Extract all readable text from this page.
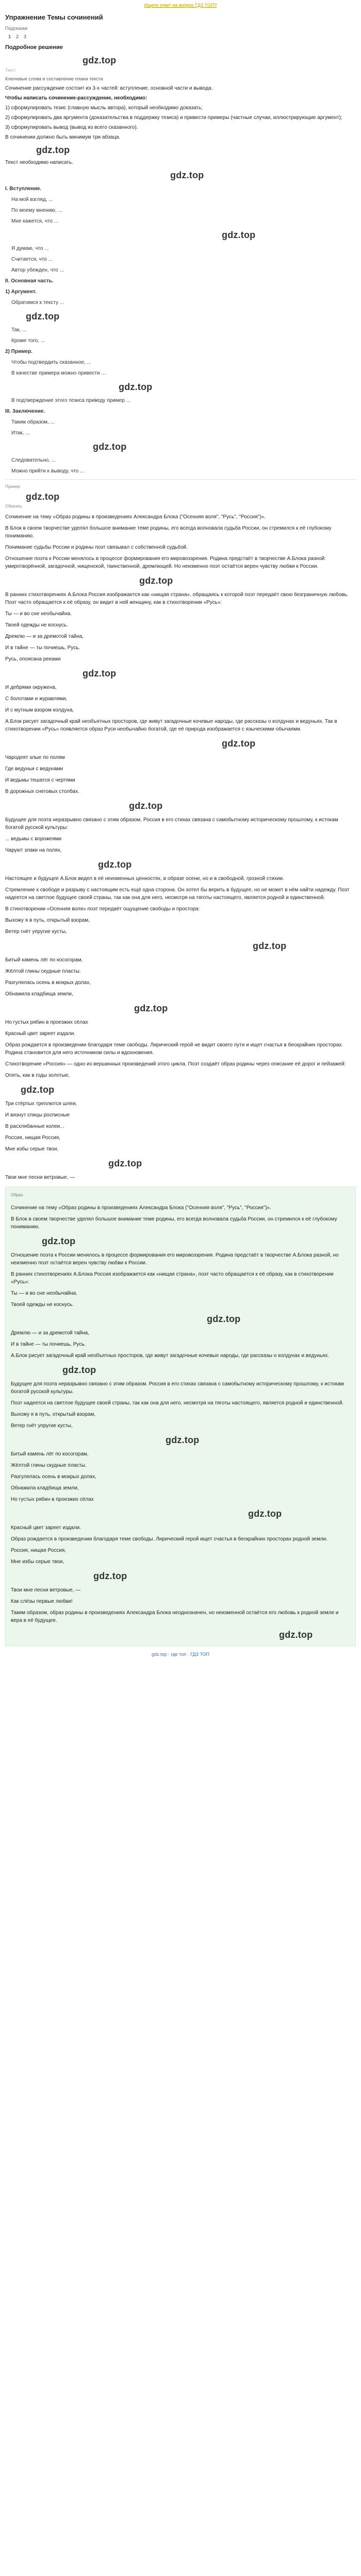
Ищете ответ на вопрос ГДЗ ТОП?
Упражнение Темы сочинений
Подсказки
1 2 3
Подробное решение
gdz.top
Текст

Ключевые слова и составление плана текста

Сочинение рассуждение состоит из 3-х частей: вступление, основной части и вывода.

Чтобы написать сочинение-рассуждение, необходимо:

1) сформулировать тезис (главную мысль автора), который необходимо доказать;

2) сформулировать два аргумента (доказательства в поддержку тезиса) и привести примеры (частные случаи, иллюстрирующие аргумент);

3) сформулировать вывод (вывод из всего сказанного).

В сочинении должно быть минимум три абзаца.

gdz.top

Текст необходимо написать.

gdz.top
I. Вступление.
На мой взгляд, ...
По моему мнению, ...
Мне кажется, что ...
gdz.top
Я думаю, что ...
Считается, что ...
Автор убежден, что ...
II. Основная часть.
1) Аргумент.
Обратимся к тексту ...
gdz.top
Так, ...
Кроме того, ...
2) Пример.
Чтобы подтвердить сказанное, ...
В качестве примера можно привести ...
gdz.top
В подтверждение этого тезиса приведу пример ...
III. Заключение.
Таким образом, ...
Итак, ...
gdz.top
Следовательно, ...
Можно прийти к выводу, что ...
Пример
gdz.top
Образец

Сочинение на тему «Образ родины в произведениях Александра Блока ("Осенняя воля", "Русь", "Россия")».

В Блок в своем творчестве уделял большое внимание теме родины, его всегда волновала судьба России, он стремился к её глубокому пониманию.

Понимание судьбы России и родины поэт связывал с собственной судьбой.

Отношение поэта к России менялось в процессе формирования его мировоззрения. Родина предстаёт в творчестве А.Блока разной: умиротворённой, загадочной, нищенской, таинственной, дремлющей. Но неизменно поэт остаётся верен чувству любви к России.

gdz.top

В ранних стихотворениях А.Блока Россия изображается как «нищая страна», обращаясь к которой поэт передаёт свою безграничную любовь. Поэт часто обращается к её образу, он видит в ней женщину, как в стихотворении «Русь»:

Ты — и во сне необычайна.

Твоей одежды не коснусь.

Дремлю — и за дремотой тайна,

И в тайне — ты почиешь, Русь.

Русь, опоясана реками

gdz.top

И дебрями окружена,

С болотами и журавлями,

И с мутным взором колдуна,

А.Блок рисует загадочный край необъятных просторов, где живут загадочные кочевые народы, где рассказы о колдунах и ведуньях. Так в стихотворении «Русь» появляется образ Руси необычайно богатой, где её природа изображается с языческими обычаями.

gdz.top

Чародеят злые по полям

Где ведуньи с ведунами

И ведьмы тешатся с чертями

В дорожных снеговых столбах.

gdz.top

Будущее для поэта неразрывно связано с этим образом. Россия в его стихах связана с самобытному историческому прошлому, к истокам богатой русской культуры:

... ведьмы с ворожеями

Чаруют злаки на полях,

gdz.top

Настоящее и будущее А.Блок видел в её неизменных ценностях, в образе осени, но и в свободной, грозной стихии.

Стремление к свободе и разрыву с настоящим есть ещё одна сторона. Он хотел бы верить в будущее, но не может в нём найти надежду. Поэт надеется на светлое будущее своей страны, так как она для него, несмотря на тяготы настоящего, является родной и единственной.

В стихотворении «Осенняя воля» поэт передаёт ощущение свободы и простора:

Выхожу я в путь, открытый взорам,

Ветер гнёт упругие кусты,

gdz.top

Битый камень лёг по косогорам,

Жёлтой глины скудные пласты.

Разгулялась осень в мокрых долах,

Обнажила кладбища земли,

gdz.top

Но густых рябин в проезжих сёлах

Красный цвет зареет издали.

Образ рождается в произведении благодаря теме свободы. Лирический герой не видит своего пути и ищет счастья в бескрайних просторах. Родина становится для него источником силы и вдохновения.

Стихотворение «Россия» — одно из вершинных произведений этого цикла. Поэт создаёт образ родины через описание её дорог и пейзажей:

Опять, как в годы золотые,

gdz.top

Три стёртых треплются шлеи,

И вязнут спицы росписные

В расхлябанные колеи...

Россия, нищая Россия,

Мне избы серые твои,

gdz.top

Твои мне песни ветровые, —

Образ

Сочинение на тему «Образ родины в произведениях Александра Блока ("Осенняя воля", "Русь", "Россия")».

В Блок в своем творчестве уделял большое внимание теме родины, его всегда волновала судьба России, он стремился к её глубокому пониманию.

gdz.top

Отношение поэта к России менялось в процессе формирования его мировоззрения. Родина предстаёт в творчестве А.Блока разной, но неизменно поэт остаётся верен чувству любви к России.

В ранних стихотворениях А.Блока Россия изображается как «нищая страна», поэт часто обращается к её образу, как в стихотворении «Русь»:

Ты — и во сне необычайна.

Твоей одежды не коснусь.

gdz.top

Дремлю — и за дремотой тайна,

И в тайне — ты почиешь, Русь.

А.Блок рисует загадочный край необъятных просторов, где живут загадочные кочевые народы, где рассказы о колдунах и ведуньях.

gdz.top

Будущее для поэта неразрывно связано с этим образом. Россия в его стихах связана с самобытному историческому прошлому, к истокам богатой русской культуры.

Поэт надеется на светлое будущее своей страны, так как она для него, несмотря на тяготы настоящего, является родной и единственной.

Выхожу я в путь, открытый взорам,

Ветер гнёт упругие кусты,

gdz.top

Битый камень лёг по косогорам,

Жёлтой глины скудные пласты.

Разгулялась осень в мокрых долах,

Обнажила кладбища земли,

Но густых рябин в проезжих сёлах

gdz.top

Красный цвет зареет издали.

Образ рождается в произведении благодаря теме свободы. Лирический герой ищет счастья в бескрайних просторах родной земли.

Россия, нищая Россия,

Мне избы серые твои,

gdz.top

Твои мне песни ветровые, —

Как слёзы первые любви!

Таким образом, образ родины в произведениях Александра Блока неоднозначен, но неизменной остаётся его любовь к родной земле и вера в её будущее.

gdz.top
gdz.top · где топ · ГДЗ ТОП
